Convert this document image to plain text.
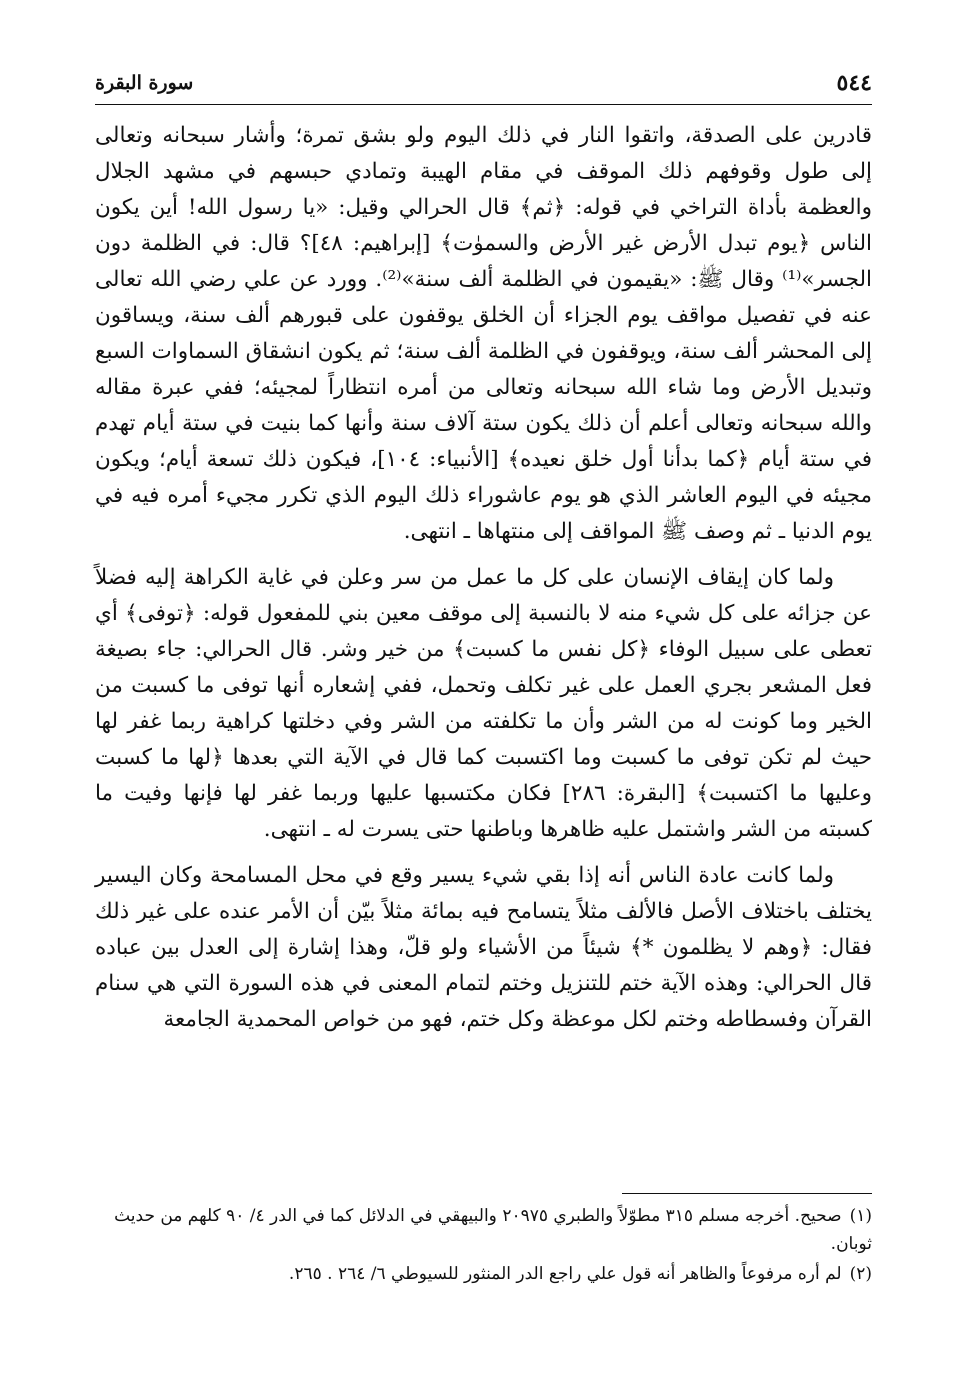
٥٤٤
سورة البقرة

قادرين على الصدقة، واتقوا النار في ذلك اليوم ولو بشق تمرة؛ وأشار سبحانه وتعالى إلى طول وقوفهم ذلك الموقف في مقام الهيبة وتمادي حبسهم في مشهد الجلال والعظمة بأداة التراخي في قوله: ﴿ثم﴾ قال الحرالي وقيل: «يا رسول الله! أين يكون الناس ﴿يوم تبدل الأرض غير الأرض والسموٰت﴾ [إبراهيم: ٤٨]؟ قال: في الظلمة دون الجسر»⁽¹⁾ وقال ﷺ: «يقيمون في الظلمة ألف سنة»⁽²⁾. وورد عن علي رضي الله تعالى عنه في تفصيل مواقف يوم الجزاء أن الخلق يوقفون على قبورهم ألف سنة، ويساقون إلى المحشر ألف سنة، ويوقفون في الظلمة ألف سنة؛ ثم يكون انشقاق السماوات السبع وتبديل الأرض وما شاء الله سبحانه وتعالى من أمره انتظاراً لمجيئه؛ ففي عبرة مقاله والله سبحانه وتعالى أعلم أن ذلك يكون ستة آلاف سنة وأنها كما بنيت في ستة أيام تهدم في ستة أيام ﴿كما بدأنا أول خلق نعيده﴾ [الأنبياء: ١٠٤]، فيكون ذلك تسعة أيام؛ ويكون مجيئه في اليوم العاشر الذي هو يوم عاشوراء ذلك اليوم الذي تكرر مجيء أمره فيه في يوم الدنيا ـ ثم وصف ﷺ المواقف إلى منتهاها ـ انتهى.

ولما كان إيقاف الإنسان على كل ما عمل من سر وعلن في غاية الكراهة إليه فضلاً عن جزائه على كل شيء منه لا بالنسبة إلى موقف معين بني للمفعول قوله: ﴿توفى﴾ أي تعطى على سبيل الوفاء ﴿كل نفس ما كسبت﴾ من خير وشر. قال الحرالي: جاء بصيغة فعل المشعر بجري العمل على غير تكلف وتحمل، ففي إشعاره أنها توفى ما كسبت من الخير وما كونت له من الشر وأن ما تكلفته من الشر وفي دخلتها كراهية ربما غفر لها حيث لم تكن توفى ما كسبت وما اكتسبت كما قال في الآية التي بعدها ﴿لها ما كسبت وعليها ما اكتسبت﴾ [البقرة: ٢٨٦] فكان مكتسبها عليها وربما غفر لها فإنها وفيت ما كسبته من الشر واشتمل عليه ظاهرها وباطنها حتى يسرت له ـ انتهى.

ولما كانت عادة الناس أنه إذا بقي شيء يسير وقع في محل المسامحة وكان اليسير يختلف باختلاف الأصل فالألف مثلاً يتسامح فيه بمائة مثلاً بيّن أن الأمر عنده على غير ذلك فقال: ﴿وهم لا يظلمون *﴾ شيئاً من الأشياء ولو قلّ، وهذا إشارة إلى العدل بين عباده قال الحرالي: وهذه الآية ختم للتنزيل وختم لتمام المعنى في هذه السورة التي هي سنام القرآن وفسطاطه وختم لكل موعظة وكل ختم، فهو من خواص المحمدية الجامعة

(١)صحيح. أخرجه مسلم ٣١٥ مطوّلاً والطبري ٢٠٩٧٥ والبيهقي في الدلائل كما في الدر ٤/ ٩٠ كلهم من حديث ثوبان.

(٢)لم أره مرفوعاً والظاهر أنه قول علي راجع الدر المنثور للسيوطي ٦/ ٢٦٤ . ٢٦٥.
